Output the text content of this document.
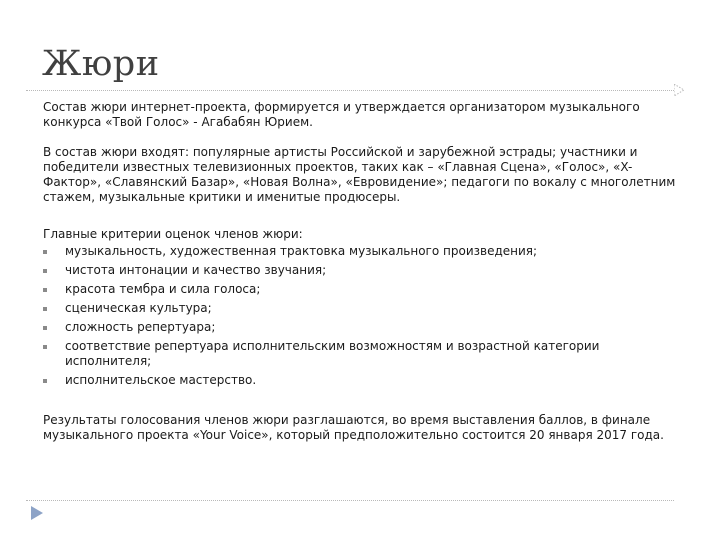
Жюри

Состав жюри интернет-проекта, формируется и утверждается организатором музыкального конкурса «Твой Голос» - Агабабян Юрием.

В состав жюри входят: популярные артисты Российской и зарубежной эстрады; участники и победители известных телевизионных проектов, таких как – «Главная Сцена», «Голос», «X-Фактор», «Славянский Базар», «Новая Волна», «Евровидение»; педагоги по вокалу с многолетним стажем, музыкальные критики и именитые продюсеры.

Главные критерии оценок членов жюри:

музыкальность, художественная трактовка музыкального произведения;
чистота интонации и качество звучания;
красота тембра и сила голоса;
сценическая культура;
сложность репертуара;
соответствие репертуара исполнительским возможностям и возрастной категории исполнителя;
исполнительское мастерство.

Результаты голосования членов жюри разглашаются, во время выставления баллов, в финале музыкального проекта «Your Voice», который предположительно состоится 20 января 2017 года.
